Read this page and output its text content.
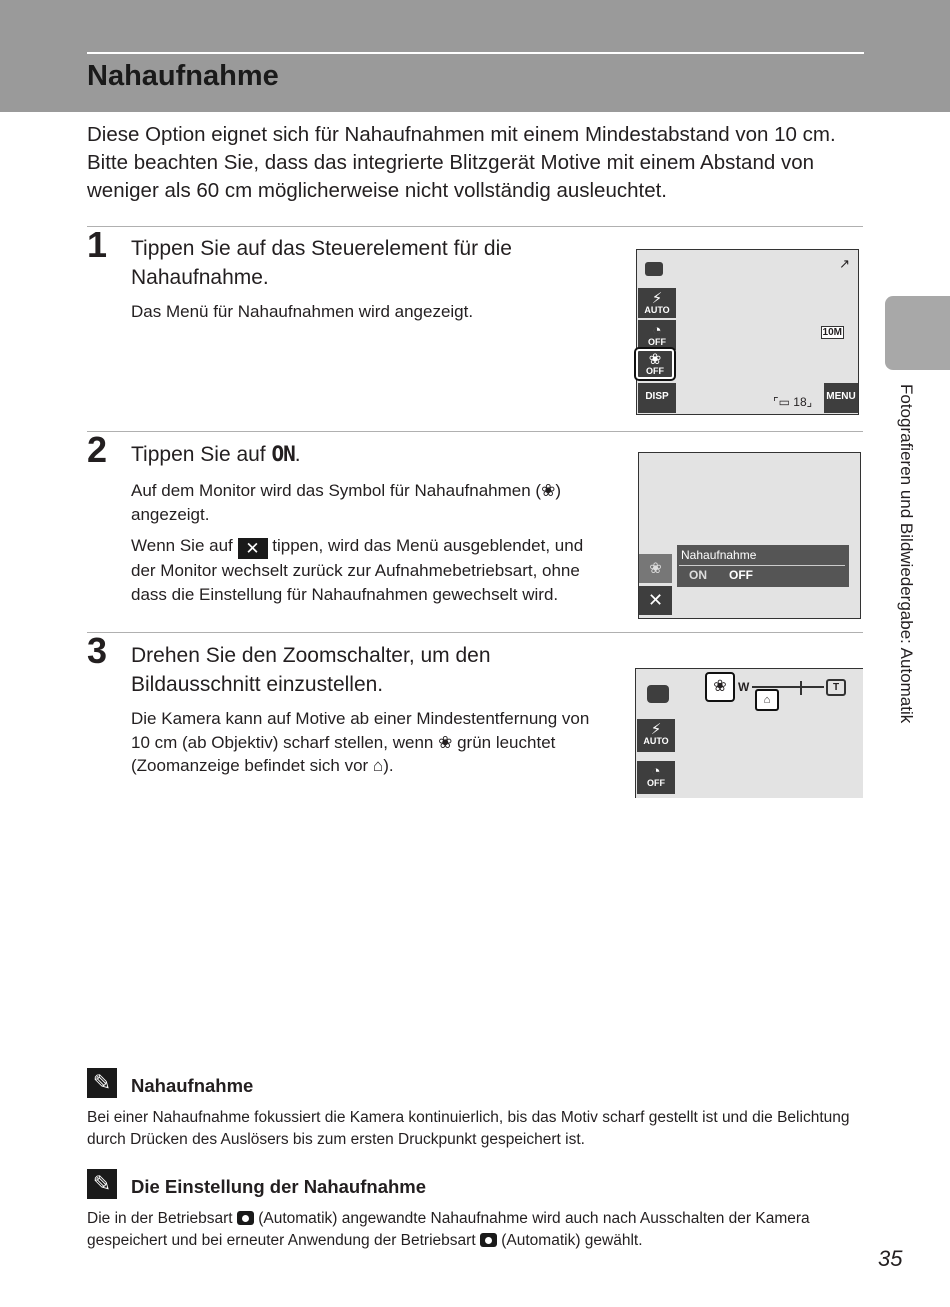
Nahaufnahme
Diese Option eignet sich für Nahaufnahmen mit einem Mindestabstand von 10 cm. Bitte beachten Sie, dass das integrierte Blitzgerät Motive mit einem Abstand von weniger als 60 cm möglicherweise nicht vollständig ausleuchtet.
1 Tippen Sie auf das Steuerelement für die Nahaufnahme.
Das Menü für Nahaufnahmen wird angezeigt.
↗
⚡
AUTO
◔
OFF
❀
OFF
DISP
10M
⌜▭ 18⌟ MENU
2 Tippen Sie auf ON.

Auf dem Monitor wird das Symbol für Nahaufnahmen (❀) angezeigt.

Wenn Sie auf ✕ tippen, wird das Menü ausgeblendet, und der Monitor wechselt zurück zur Aufnahmebetriebsart, ohne dass die Einstellung für Nahaufnahmen gewechselt wird.

❀
✕
Nahaufnahme
ON OFF
3 Drehen Sie den Zoomschalter, um den Bildausschnitt einzustellen.
Die Kamera kann auf Motive ab einer Mindestentfernung von 10 cm (ab Objektiv) scharf stellen, wenn ❀ grün leuchtet (Zoomanzeige befindet sich vor ⌂).
⚡
AUTO
◔
OFF
❀ W	T
⌂
✎	Nahaufnahme
Bei einer Nahaufnahme fokussiert die Kamera kontinuierlich, bis das Motiv scharf gestellt ist und die Belichtung durch Drücken des Auslösers bis zum ersten Druckpunkt gespeichert ist.
✎	Die Einstellung der Nahaufnahme
Die in der Betriebsart (Automatik) angewandte Nahaufnahme wird auch nach Ausschalten der Kamera gespeichert und bei erneuter Anwendung der Betriebsart (Automatik) gewählt.
Fotografieren und Bildwiedergabe: Automatik
35
